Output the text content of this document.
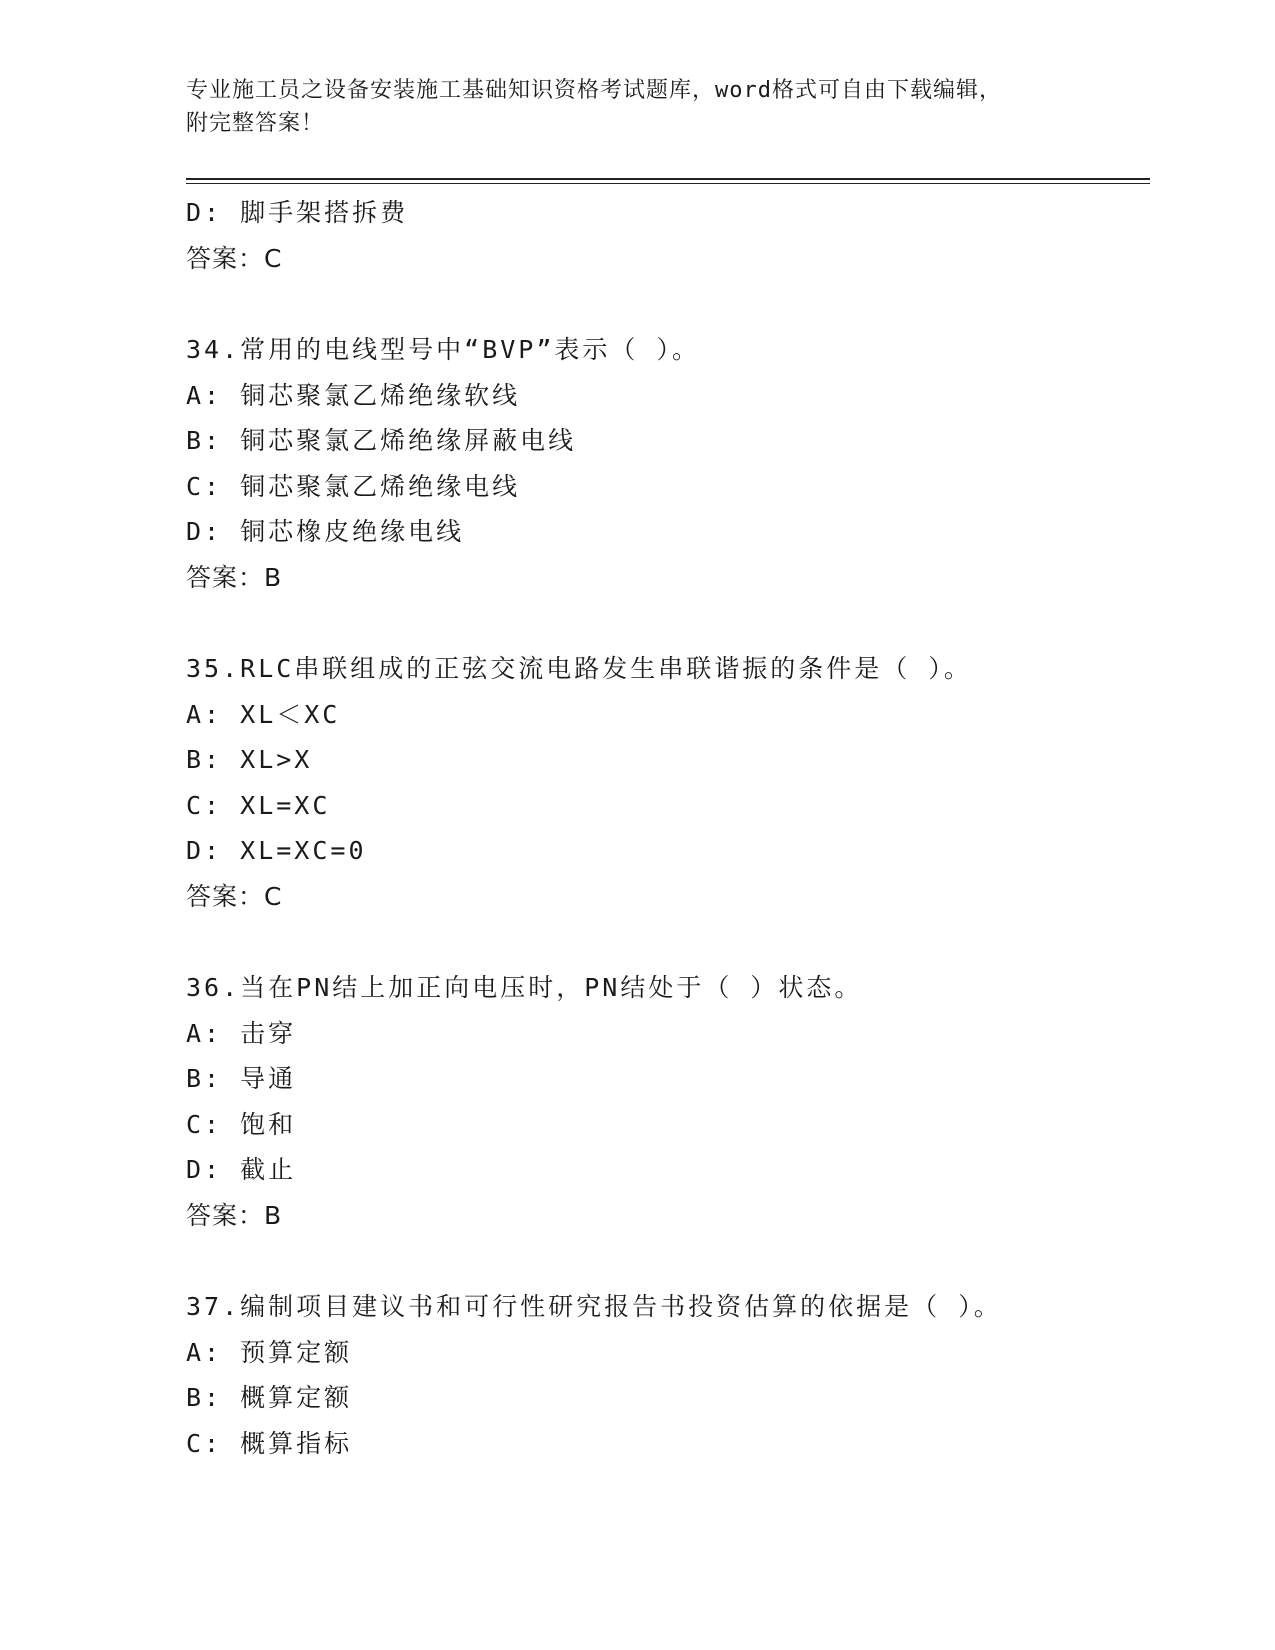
专业施工员之设备安装施工基础知识资格考试题库，word格式可自由下载编辑，
附完整答案！
D: 脚手架搭拆费
答案：C
34.常用的电线型号中“BVP”表示（ ）。
A: 铜芯聚氯乙烯绝缘软线
B: 铜芯聚氯乙烯绝缘屏蔽电线
C: 铜芯聚氯乙烯绝缘电线
D: 铜芯橡皮绝缘电线
答案：B
35.RLC串联组成的正弦交流电路发生串联谐振的条件是（ ）。
A: XL＜XC
B: XL>X
C: XL=XC
D: XL=XC=0
答案：C
36.当在PN结上加正向电压时，PN结处于（ ）状态。
A: 击穿
B: 导通
C: 饱和
D: 截止
答案：B
37.编制项目建议书和可行性研究报告书投资估算的依据是（ ）。
A: 预算定额
B: 概算定额
C: 概算指标
